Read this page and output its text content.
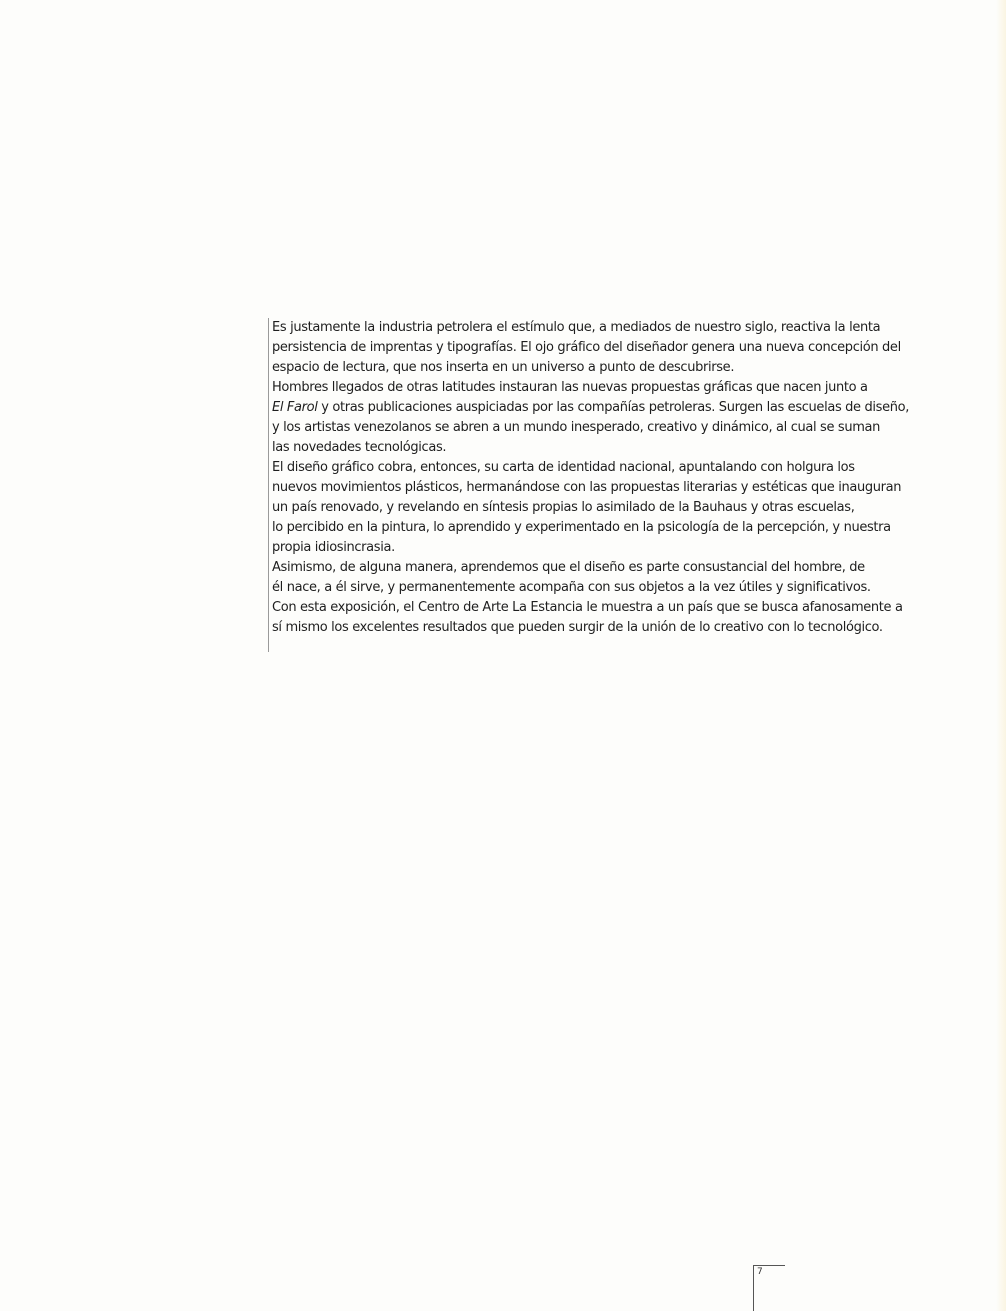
Es justamente la industria petrolera el estímulo que, a mediados de nuestro siglo, reactiva la lenta
persistencia de imprentas y tipografías. El ojo gráfico del diseñador genera una nueva concepción del
espacio de lectura, que nos inserta en un universo a punto de descubrirse.
Hombres llegados de otras latitudes instauran las nuevas propuestas gráficas que nacen junto a
El Farol y otras publicaciones auspiciadas por las compañías petroleras. Surgen las escuelas de diseño,
y los artistas venezolanos se abren a un mundo inesperado, creativo y dinámico, al cual se suman
las novedades tecnológicas.
El diseño gráfico cobra, entonces, su carta de identidad nacional, apuntalando con holgura los
nuevos movimientos plásticos, hermanándose con las propuestas literarias y estéticas que inauguran
un país renovado, y revelando en síntesis propias lo asimilado de la Bauhaus y otras escuelas,
lo percibido en la pintura, lo aprendido y experimentado en la psicología de la percepción, y nuestra
propia idiosincrasia.
Asimismo, de alguna manera, aprendemos que el diseño es parte consustancial del hombre, de
él nace, a él sirve, y permanentemente acompaña con sus objetos a la vez útiles y significativos.
Con esta exposición, el Centro de Arte La Estancia le muestra a un país que se busca afanosamente a
sí mismo los excelentes resultados que pueden surgir de la unión de lo creativo con lo tecnológico.
7
